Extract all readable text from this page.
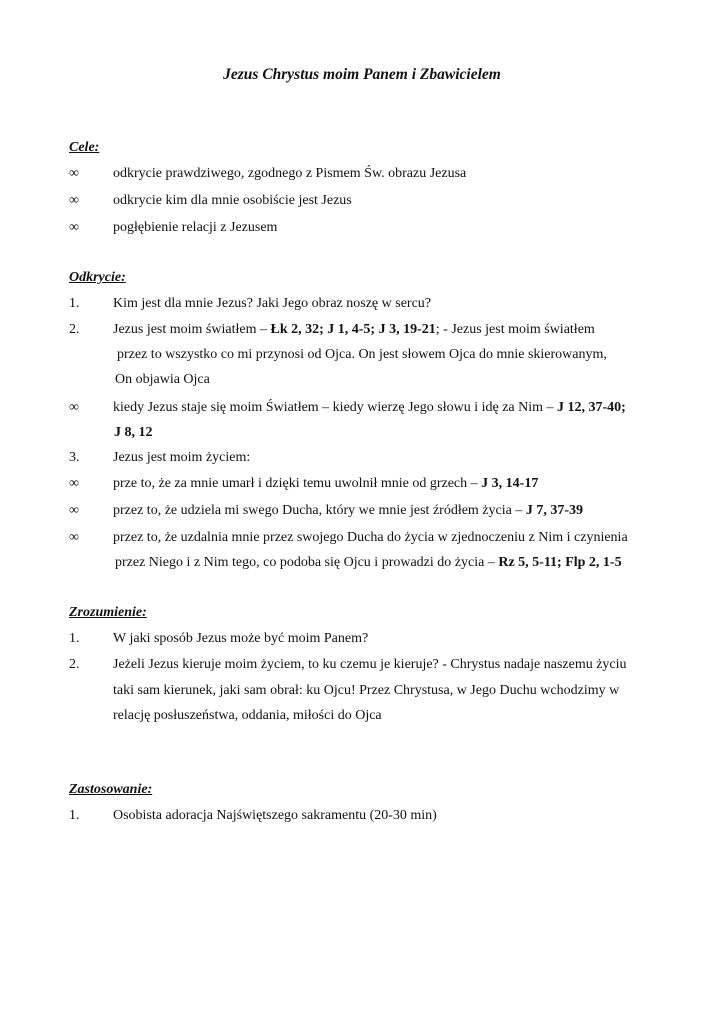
Jezus Chrystus moim Panem i Zbawicielem
Cele:
∞ odkrycie prawdziwego, zgodnego z Pismem Św. obrazu Jezusa
∞ odkrycie kim dla mnie osobiście jest Jezus
∞ pogłębienie relacji z Jezusem
Odkrycie:
1. Kim jest dla mnie Jezus? Jaki Jego obraz noszę w sercu?
2. Jezus jest moim światłem – Łk 2, 32; J 1, 4-5; J 3, 19-21; - Jezus jest moim światłem
przez to wszystko co mi przynosi od Ojca. On jest słowem Ojca do mnie skierowanym,
On objawia Ojca
∞ kiedy Jezus staje się moim Światłem – kiedy wierzę Jego słowu i idę za Nim – J 12, 37-40;
J 8, 12
3. Jezus jest moim życiem:
∞ prze to, że za mnie umarł i dzięki temu uwolnił mnie od grzech – J 3, 14-17
∞ przez to, że udziela mi swego Ducha, który we mnie jest źródłem życia – J 7, 37-39
∞ przez to, że uzdalnia mnie przez swojego Ducha do życia w zjednoczeniu z Nim i czynienia
przez Niego i z Nim tego, co podoba się Ojcu i prowadzi do życia – Rz 5, 5-11; Flp 2, 1-5
Zrozumienie:
1. W jaki sposób Jezus może być moim Panem?
2. Jeżeli Jezus kieruje moim życiem, to ku czemu je kieruje? - Chrystus nadaje naszemu życiu
taki sam kierunek, jaki sam obrał: ku Ojcu! Przez Chrystusa, w Jego Duchu wchodzimy w
relację posłuszeństwa, oddania, miłości do Ojca
Zastosowanie:
1. Osobista adoracja Najświętszego sakramentu (20-30 min)
